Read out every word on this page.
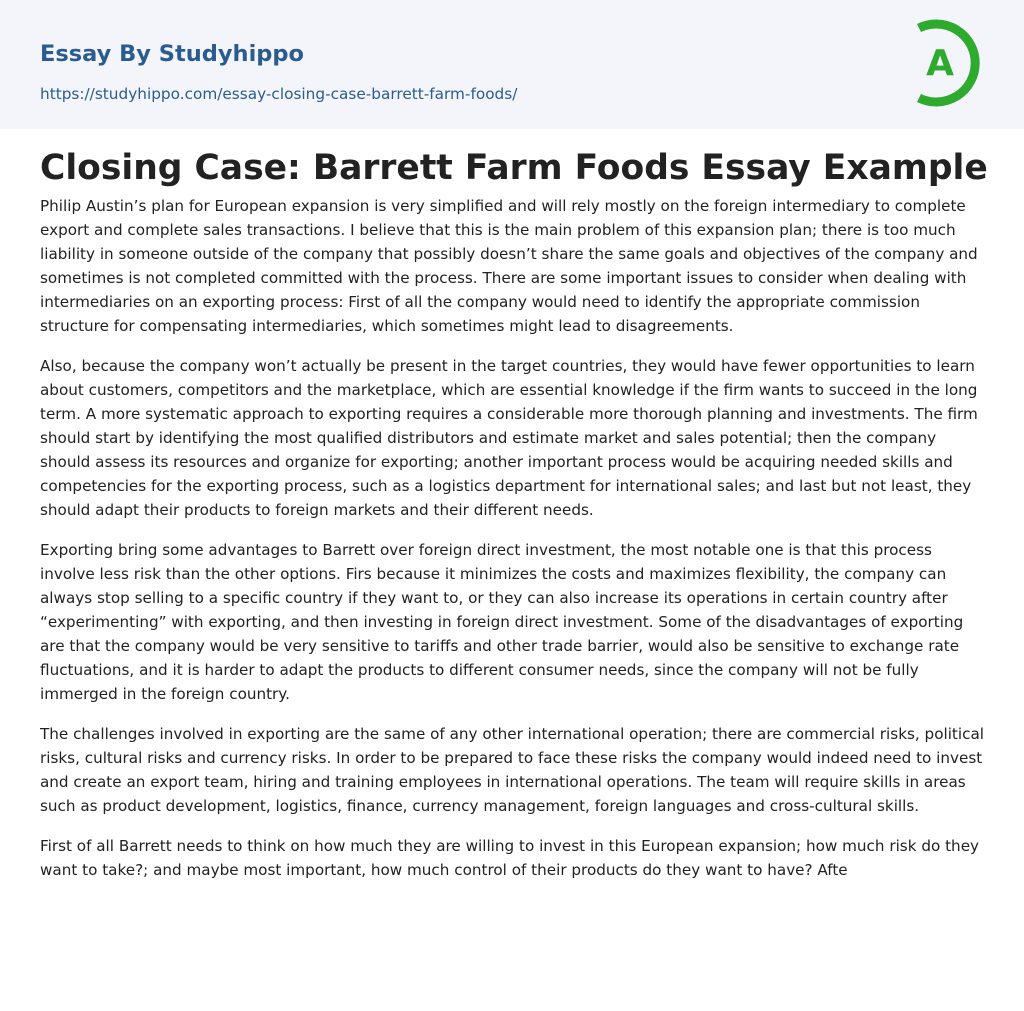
Essay By Studyhippo
https://studyhippo.com/essay-closing-case-barrett-farm-foods/
A
Closing Case: Barrett Farm Foods Essay Example

Philip Austin’s plan for European expansion is very simplified and will rely mostly on the foreign intermediary to complete export and complete sales transactions. I believe that this is the main problem of this expansion plan; there is too much liability in someone outside of the company that possibly doesn’t share the same goals and objectives of the company and sometimes is not completed committed with the process. There are some important issues to consider when dealing with intermediaries on an exporting process: First of all the company would need to identify the appropriate commission structure for compensating intermediaries, which sometimes might lead to disagreements.

Also, because the company won’t actually be present in the target countries, they would have fewer opportunities to learn about customers, competitors and the marketplace, which are essential knowledge if the firm wants to succeed in the long term. A more systematic approach to exporting requires a considerable more thorough planning and investments. The firm should start by identifying the most qualified distributors and estimate market and sales potential; then the company should assess its resources and organize for exporting; another important process would be acquiring needed skills and competencies for the exporting process, such as a logistics department for international sales; and last but not least, they should adapt their products to foreign markets and their different needs.

Exporting bring some advantages to Barrett over foreign direct investment, the most notable one is that this process involve less risk than the other options. Firs because it minimizes the costs and maximizes flexibility, the company can always stop selling to a specific country if they want to, or they can also increase its operations in certain country after “experimenting” with exporting, and then investing in foreign direct investment. Some of the disadvantages of exporting are that the company would be very sensitive to tariffs and other trade barrier, would also be sensitive to exchange rate fluctuations, and it is harder to adapt the products to different consumer needs, since the company will not be fully immerged in the foreign country.

The challenges involved in exporting are the same of any other international operation; there are commercial risks, political risks, cultural risks and currency risks. In order to be prepared to face these risks the company would indeed need to invest and create an export team, hiring and training employees in international operations. The team will require skills in areas such as product development, logistics, finance, currency management, foreign languages and cross-cultural skills.

First of all Barrett needs to think on how much they are willing to invest in this European expansion; how much risk do they want to take?; and maybe most important, how much control of their products do they want to have? Afte
